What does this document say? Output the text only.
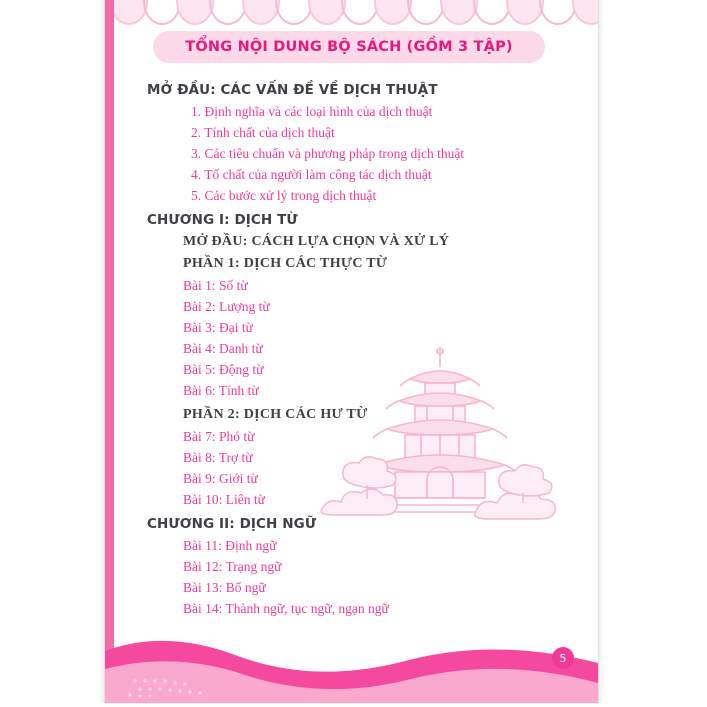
TỔNG NỘI DUNG BỘ SÁCH (GỒM 3 TẬP)
MỞ ĐẦU: CÁC VẤN ĐỀ VỀ DỊCH THUẬT
1. Định nghĩa và các loại hình của dịch thuật
2. Tính chất của dịch thuật
3. Các tiêu chuẩn và phương pháp trong dịch thuật
4. Tố chất của người làm công tác dịch thuật
5. Các bước xử lý trong dịch thuật
CHƯƠNG I: DỊCH TỪ
MỞ ĐẦU: CÁCH LỰA CHỌN VÀ XỬ LÝ
PHẦN 1: DỊCH CÁC THỰC TỪ
Bài 1: Số từ
Bài 2: Lượng từ
Bài 3: Đại từ
Bài 4: Danh từ
Bài 5: Động từ
Bài 6: Tính từ
PHẦN 2: DỊCH CÁC HƯ TỪ
Bài 7: Phó từ
Bài 8: Trợ từ
Bài 9: Giới từ
Bài 10: Liên từ
CHƯƠNG II: DỊCH NGỮ
Bài 11: Định ngữ
Bài 12: Trạng ngữ
Bài 13: Bổ ngữ
Bài 14: Thành ngữ, tục ngữ, ngạn ngữ
5
